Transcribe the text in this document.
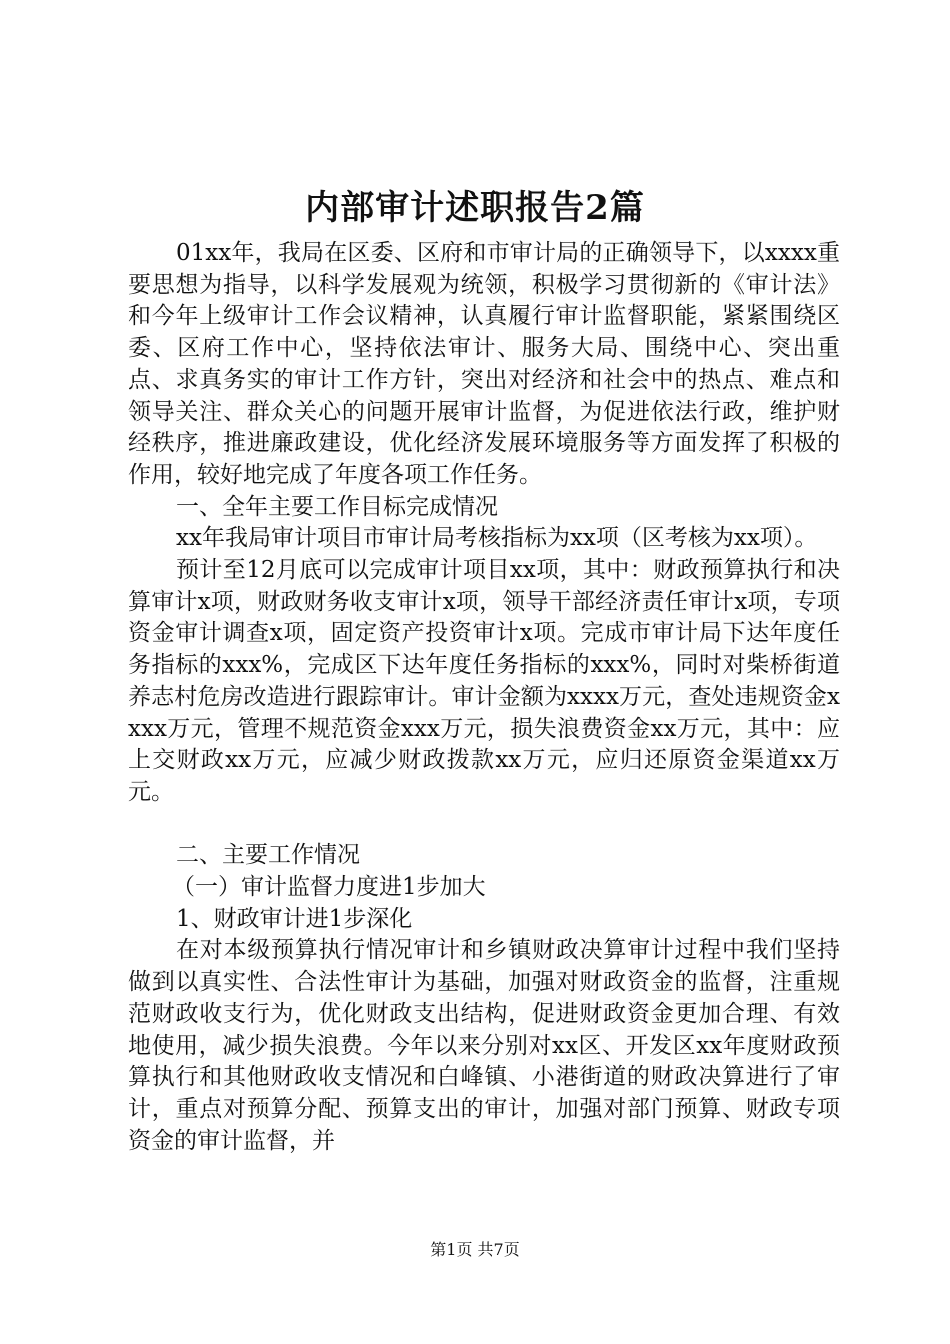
内部审计述职报告2篇

01xx年，我局在区委、区府和市审计局的正确领导下，以xxxx重要思想为指导，以科学发展观为统领，积极学习贯彻新的《审计法》和今年上级审计工作会议精神，认真履行审计监督职能，紧紧围绕区委、区府工作中心，坚持依法审计、服务大局、围绕中心、突出重点、求真务实的审计工作方针，突出对经济和社会中的热点、难点和领导关注、群众关心的问题开展审计监督，为促进依法行政，维护财经秩序，推进廉政建设，优化经济发展环境服务等方面发挥了积极的作用，较好地完成了年度各项工作任务。

一、全年主要工作目标完成情况

xx年我局审计项目市审计局考核指标为xx项（区考核为xx项）。

预计至12月底可以完成审计项目xx项，其中：财政预算执行和决算审计x项，财政财务收支审计x项，领导干部经济责任审计x项，专项资金审计调查x项，固定资产投资审计x项。完成市审计局下达年度任务指标的xxx%，完成区下达年度任务指标的xxx%，同时对柴桥街道养志村危房改造进行跟踪审计。审计金额为xxxx万元，查处违规资金xxxx万元，管理不规范资金xxx万元，损失浪费资金xx万元，其中：应上交财政xx万元，应减少财政拨款xx万元，应归还原资金渠道xx万元。

二、主要工作情况

（一）审计监督力度进1步加大

1、财政审计进1步深化

在对本级预算执行情况审计和乡镇财政决算审计过程中我们坚持做到以真实性、合法性审计为基础，加强对财政资金的监督，注重规范财政收支行为，优化财政支出结构，促进财政资金更加合理、有效地使用，减少损失浪费。今年以来分别对xx区、开发区xx年度财政预算执行和其他财政收支情况和白峰镇、小港街道的财政决算进行了审计，重点对预算分配、预算支出的审计，加强对部门预算、财政专项资金的审计监督，并

第1页 共7页
